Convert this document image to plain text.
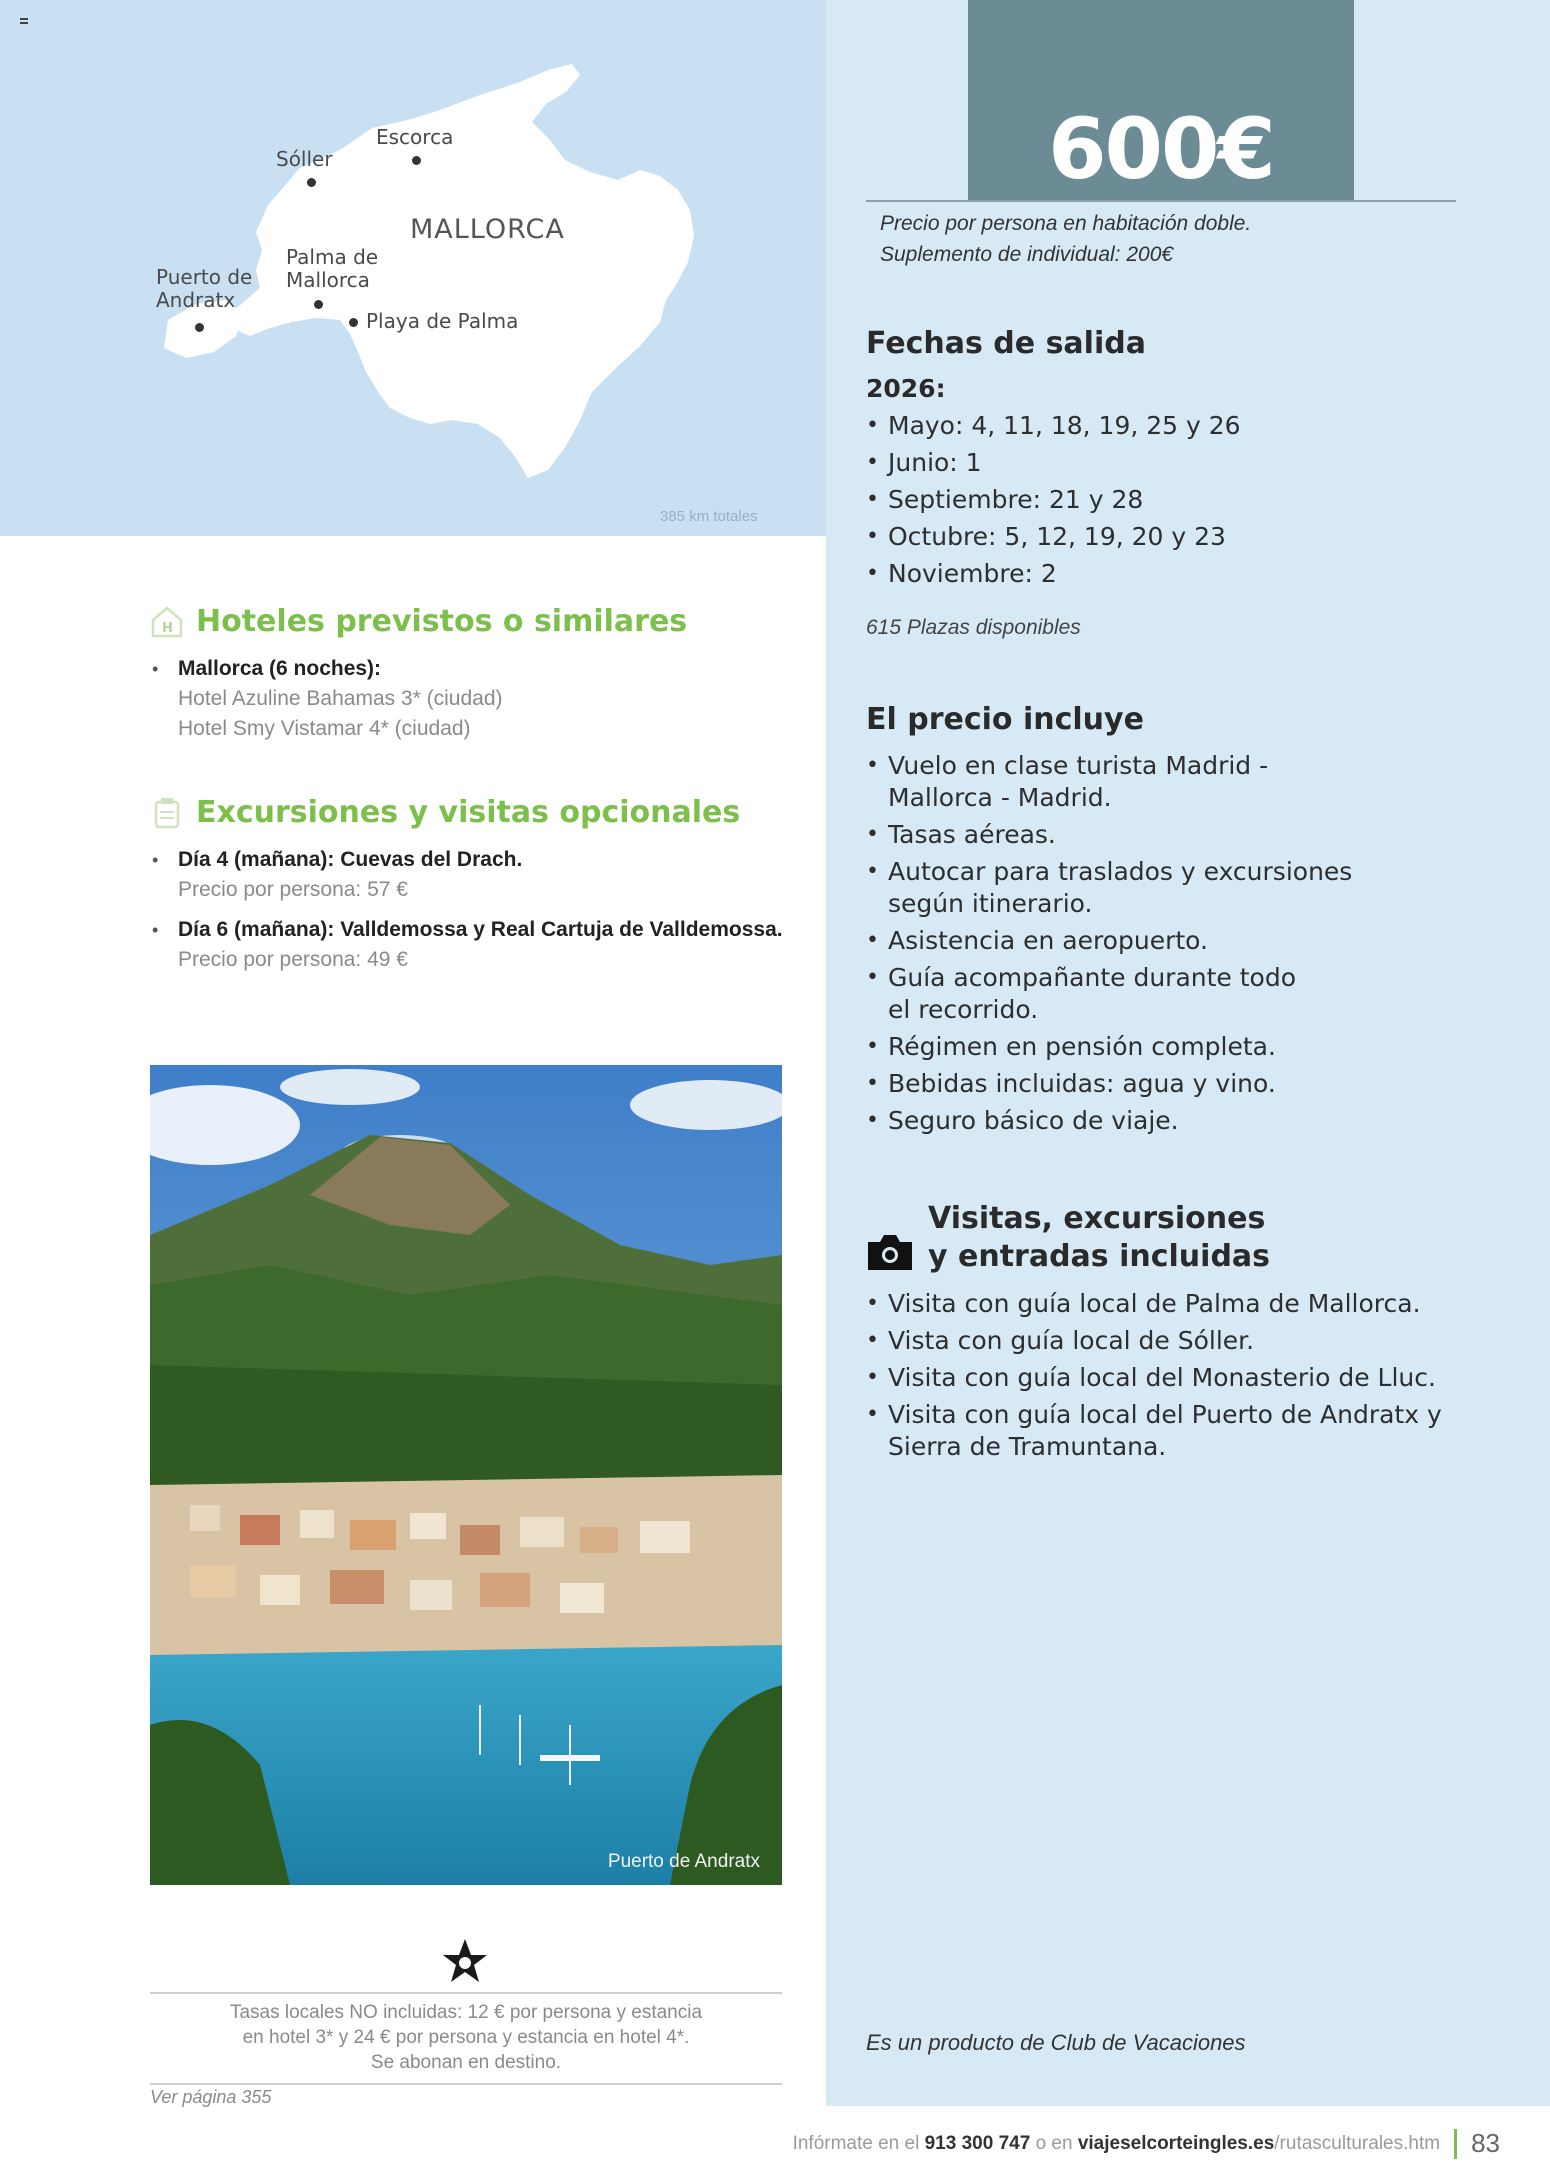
Sóller
Escorca
MALLORCA
Palma de
Mallorca
Puerto de
Andratx
Playa de Palma
385 km totales
H Hoteles previstos o similares
• Mallorca (6 noches):
Hotel Azuline Bahamas 3* (ciudad)
Hotel Smy Vistamar 4* (ciudad)
Excursiones y visitas opcionales
• Día 4 (mañana): Cuevas del Drach.
Precio por persona: 57 €
• Día 6 (mañana): Valldemossa y Real Cartuja de Valldemossa.
Precio por persona: 49 €
Puerto de Andratx
Tasas locales NO incluidas: 12 € por persona y estancia
en hotel 3* y 24 € por persona y estancia en hotel 4*.
Se abonan en destino.
Ver página 355
600€
Precio por persona en habitación doble.
Suplemento de individual: 200€
Fechas de salida
2026:
• Mayo: 4, 11, 18, 19, 25 y 26
• Junio: 1
• Septiembre: 21 y 28
• Octubre: 5, 12, 19, 20 y 23
• Noviembre: 2
615 Plazas disponibles
El precio incluye
• Vuelo en clase turista Madrid - Mallorca - Madrid.
• Tasas aéreas.
• Autocar para traslados y excursiones según itinerario.
• Asistencia en aeropuerto.
• Guía acompañante durante todo el recorrido.
• Régimen en pensión completa.
• Bebidas incluidas: agua y vino.
• Seguro básico de viaje.
Visitas, excursiones
y entradas incluidas
• Visita con guía local de Palma de Mallorca.
• Vista con guía local de Sóller.
• Visita con guía local del Monasterio de Lluc.
• Visita con guía local del Puerto de Andratx y Sierra de Tramuntana.
Es un producto de Club de Vacaciones
Infórmate en el 913 300 747 o en viajeselcorteingles.es/rutasculturales.htm 83
